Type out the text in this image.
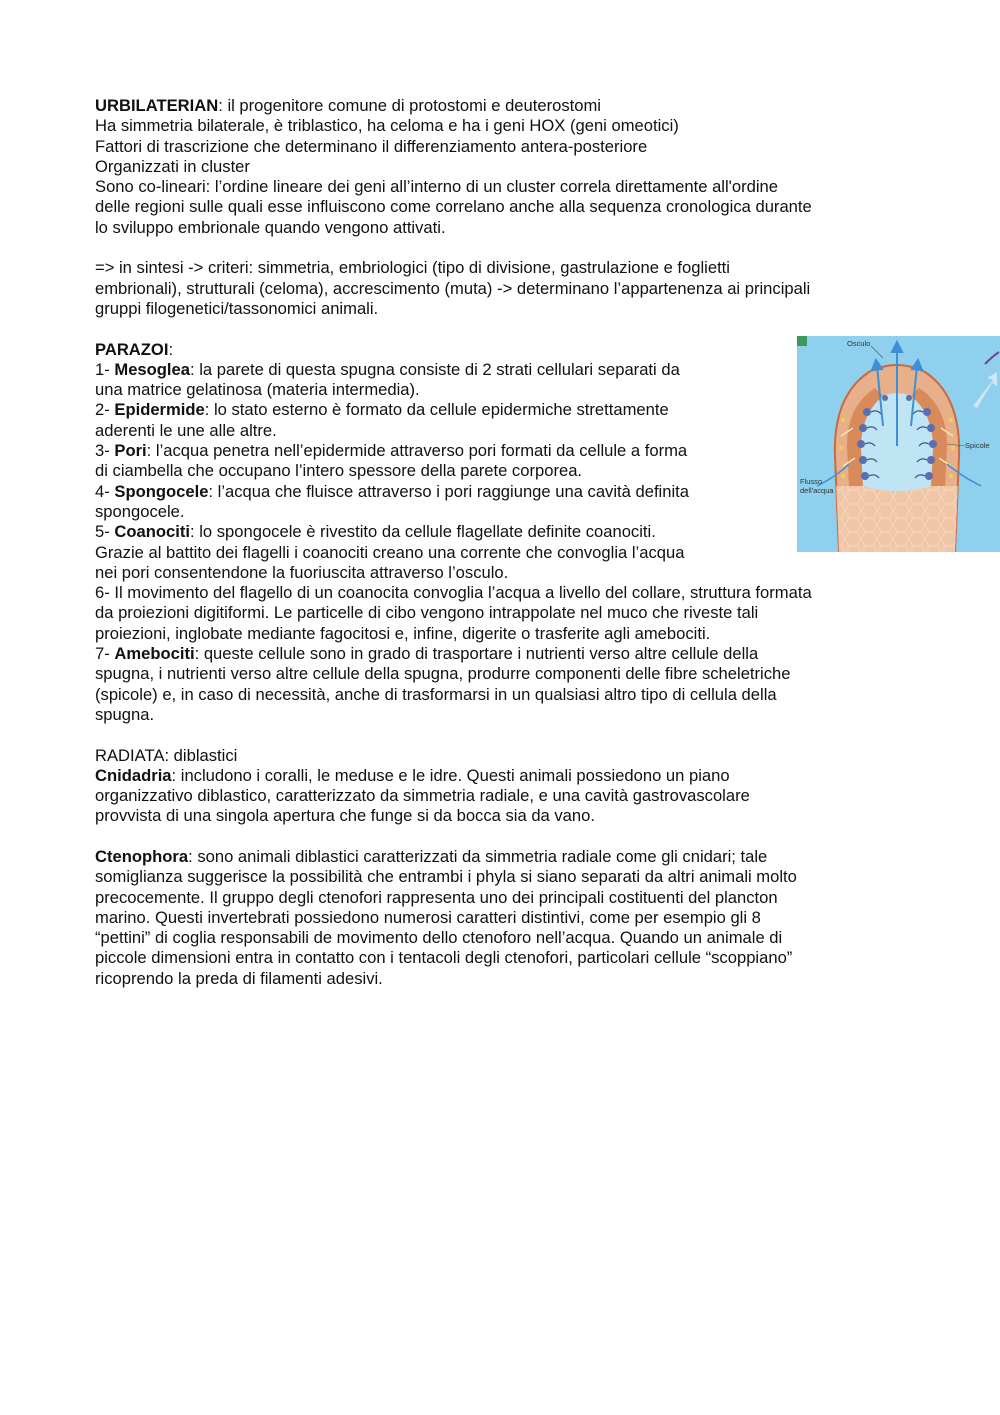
URBILATERIAN: il progenitore comune di protostomi e deuterostomi

Ha simmetria bilaterale, è triblastico, ha celoma e ha i geni HOX (geni omeotici)

Fattori di trascrizione che determinano il differenziamento antera-posteriore

Organizzati in cluster

Sono co-lineari: l’ordine lineare dei geni all’interno di un cluster correla direttamente all'ordine

delle regioni sulle quali esse influiscono come correlano anche alla sequenza cronologica durante

lo sviluppo embrionale quando vengono attivati.

=> in sintesi -> criteri: simmetria, embriologici (tipo di divisione, gastrulazione e foglietti

embrionali), strutturali (celoma), accrescimento (muta) -> determinano l’appartenenza ai principali

gruppi filogenetici/tassonomici animali.

PARAZOI:

1- Mesoglea: la parete di questa spugna consiste di 2 strati cellulari separati da

una matrice gelatinosa (materia intermedia).

2- Epidermide: lo stato esterno è formato da cellule epidermiche strettamente

aderenti le une alle altre.

3- Pori: l’acqua penetra nell’epidermide attraverso pori formati da cellule a forma

di ciambella che occupano l’intero spessore della parete corporea.

4- Spongocele: l’acqua che fluisce attraverso i pori raggiunge una cavità definita

spongocele.

5- Coanociti: lo spongocele è rivestito da cellule flagellate definite coanociti.

Grazie al battito dei flagelli i coanociti creano una corrente che convoglia l’acqua

nei pori consentendone la fuoriuscita attraverso l’osculo.

6- Il movimento del flagello di un coanocita convoglia l’acqua a livello del collare, struttura formata

da proiezioni digitiformi. Le particelle di cibo vengono intrappolate nel muco che riveste tali

proiezioni, inglobate mediante fagocitosi e, infine, digerite o trasferite agli amebociti.

7- Amebociti: queste cellule sono in grado di trasportare i nutrienti verso altre cellule della

spugna, i nutrienti verso altre cellule della spugna, produrre componenti delle fibre scheletriche

(spicole) e, in caso di necessità, anche di trasformarsi in un qualsiasi altro tipo di cellula della

spugna.

RADIATA: diblastici

Cnidadria: includono i coralli, le meduse e le idre. Questi animali possiedono un piano

organizzativo diblastico, caratterizzato da simmetria radiale, e una cavità gastrovascolare

provvista di una singola apertura che funge si da bocca sia da vano.

Ctenophora: sono animali diblastici caratterizzati da simmetria radiale come gli cnidari; tale

somiglianza suggerisce la possibilità che entrambi i phyla si siano separati da altri animali molto

precocemente. Il gruppo degli ctenofori rappresenta uno dei principali costituenti del plancton

marino. Questi invertebrati possiedono numerosi caratteri distintivi, come per esempio gli 8

“pettini” di coglia responsabili de movimento dello ctenoforo nell’acqua. Quando un animale di

piccole dimensioni entra in contatto con i tentacoli degli ctenofori, particolari cellule “scoppiano”

ricoprendo la preda di filamenti adesivi.

Osculo
Spicole
Flusso
dell'acqua
